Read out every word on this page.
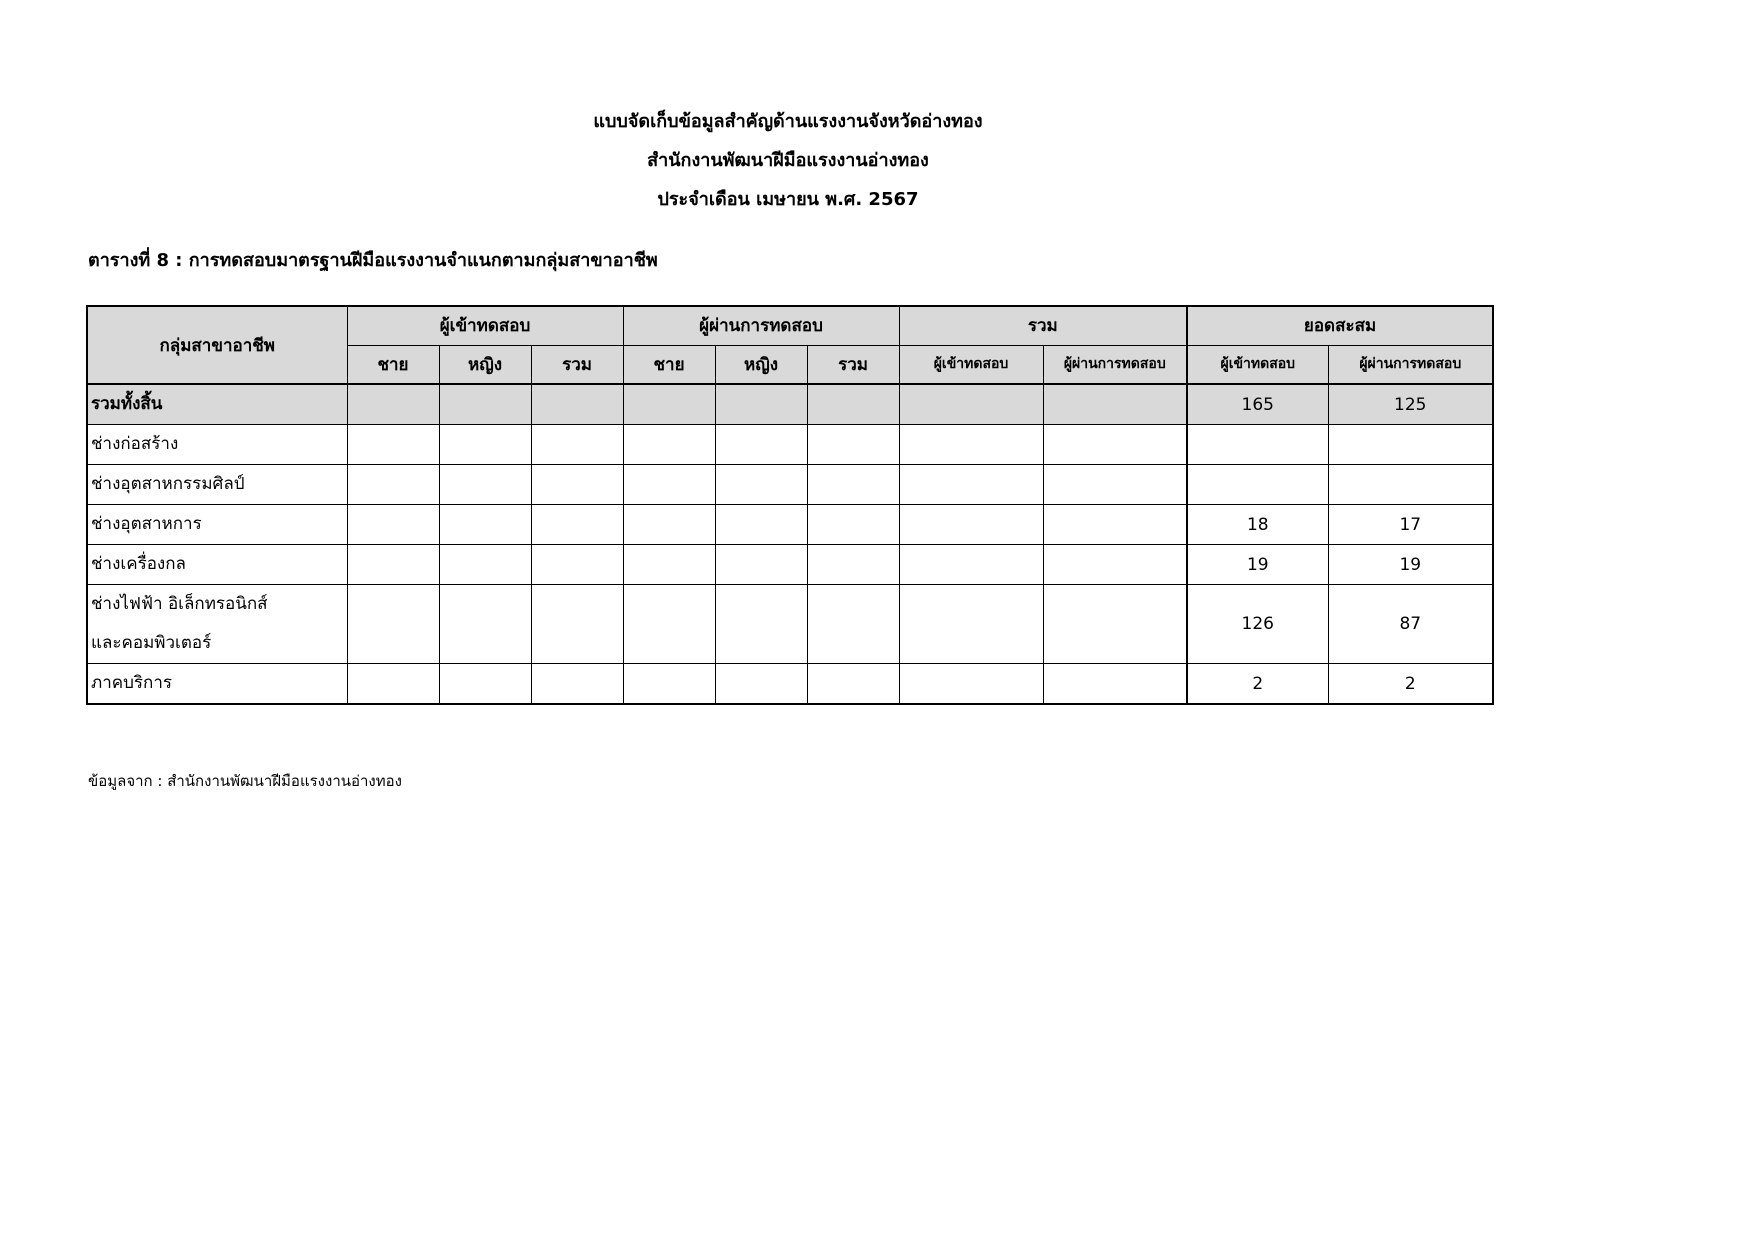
แบบจัดเก็บข้อมูลสำคัญด้านแรงงานจังหวัดอ่างทอง
สำนักงานพัฒนาฝีมือแรงงานอ่างทอง
ประจำเดือน เมษายน พ.ศ. 2567
ตารางที่ 8 : การทดสอบมาตรฐานฝีมือแรงงานจำแนกตามกลุ่มสาขาอาชีพ
กลุ่มสาขาอาชีพ	ผู้เข้าทดสอบ			ผู้ผ่านการทดสอบ			รวม		ยอดสะสม	
	ชาย	หญิง	รวม	ชาย	หญิง	รวม	ผู้เข้าทดสอบ	ผู้ผ่านการทดสอบ	ผู้เข้าทดสอบ	ผู้ผ่านการทดสอบ
รวมทั้งสิ้น									165	125
ช่างก่อสร้าง										
ช่างอุตสาหกรรมศิลป์										
ช่างอุตสาหการ									18	17
ช่างเครื่องกล									19	19
ช่างไฟฟ้า อิเล็กทรอนิกส์
และคอมพิวเตอร์									126	87
ภาคบริการ									2	2
ข้อมูลจาก : สำนักงานพัฒนาฝีมือแรงงานอ่างทอง
